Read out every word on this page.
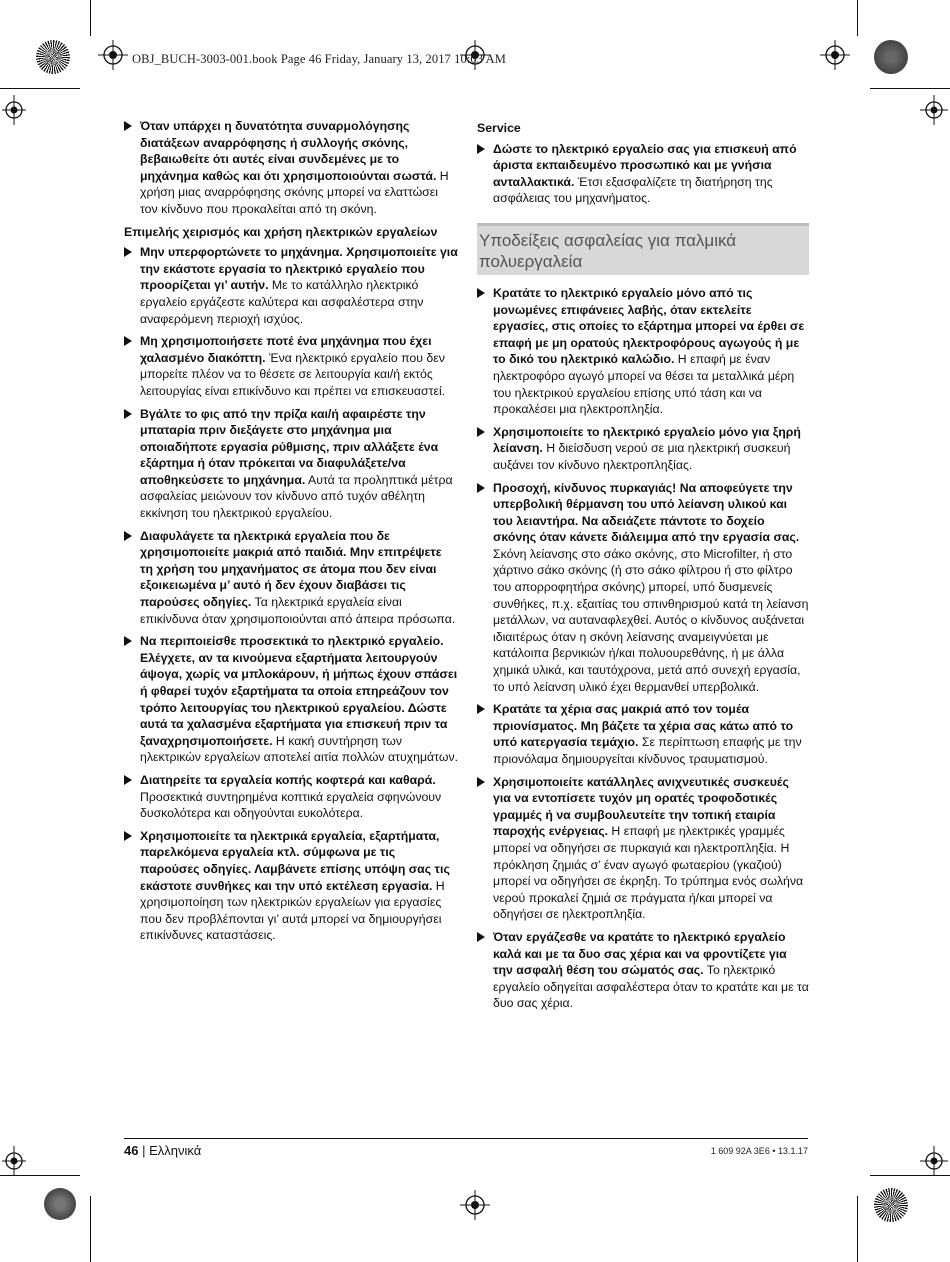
OBJ_BUCH-3003-001.book Page 46 Friday, January 13, 2017 10:03 AM
Όταν υπάρχει η δυνατότητα συναρμολόγησης διατάξεων αναρρόφησης ή συλλογής σκόνης, βεβαιωθείτε ότι αυτές είναι συνδεμένες με το μηχάνημα καθώς και ότι χρησιμοποιούνται σωστά. Η χρήση μιας αναρρόφησης σκόνης μπορεί να ελαττώσει τον κίνδυνο που προκαλείται από τη σκόνη.
Επιμελής χειρισμός και χρήση ηλεκτρικών εργαλείων
Μην υπερφορτώνετε το μηχάνημα. Χρησιμοποιείτε για την εκάστοτε εργασία το ηλεκτρικό εργαλείο που προορίζεται γι’ αυτήν. Με το κατάλληλο ηλεκτρικό εργαλείο εργάζεστε καλύτερα και ασφαλέστερα στην αναφερόμενη περιοχή ισχύος.
Μη χρησιμοποιήσετε ποτέ ένα μηχάνημα που έχει χαλασμένο διακόπτη. Ένα ηλεκτρικό εργαλείο που δεν μπορείτε πλέον να το θέσετε σε λειτουργία και/ή εκτός λειτουργίας είναι επικίνδυνο και πρέπει να επισκευαστεί.
Βγάλτε το φις από την πρίζα και/ή αφαιρέστε την μπαταρία πριν διεξάγετε στο μηχάνημα μια οποιαδήποτε εργασία ρύθμισης, πριν αλλάξετε ένα εξάρτημα ή όταν πρόκειται να διαφυλάξετε/να αποθηκεύσετε το μηχάνημα. Αυτά τα προληπτικά μέτρα ασφαλείας μειώνουν τον κίνδυνο από τυχόν αθέλητη εκκίνηση του ηλεκτρικού εργαλείου.
Διαφυλάγετε τα ηλεκτρικά εργαλεία που δε χρησιμοποιείτε μακριά από παιδιά. Μην επιτρέψετε τη χρήση του μηχανήματος σε άτομα που δεν είναι εξοικειωμένα μ’ αυτό ή δεν έχουν διαβάσει τις παρούσες οδηγίες. Τα ηλεκτρικά εργαλεία είναι επικίνδυνα όταν χρησιμοποιούνται από άπειρα πρόσωπα.
Να περιποιείσθε προσεκτικά το ηλεκτρικό εργαλείο. Ελέγχετε, αν τα κινούμενα εξαρτήματα λειτουργούν άψογα, χωρίς να μπλοκάρουν, ή μήπως έχουν σπάσει ή φθαρεί τυχόν εξαρτήματα τα οποία επηρεάζουν τον τρόπο λειτουργίας του ηλεκτρικού εργαλείου. Δώστε αυτά τα χαλασμένα εξαρτήματα για επισκευή πριν τα ξαναχρησιμοποιήσετε. Η κακή συντήρηση των ηλεκτρικών εργαλείων αποτελεί αιτία πολλών ατυχημάτων.
Διατηρείτε τα εργαλεία κοπής κοφτερά και καθαρά. Προσεκτικά συντηρημένα κοπτικά εργαλεία σφηνώνουν δυσκολότερα και οδηγούνται ευκολότερα.
Χρησιμοποιείτε τα ηλεκτρικά εργαλεία, εξαρτήματα, παρελκόμενα εργαλεία κτλ. σύμφωνα με τις παρούσες οδηγίες. Λαμβάνετε επίσης υπόψη σας τις εκάστοτε συνθήκες και την υπό εκτέλεση εργασία. Η χρησιμοποίηση των ηλεκτρικών εργαλείων για εργασίες που δεν προβλέπονται γι’ αυτά μπορεί να δημιουργήσει επικίνδυνες καταστάσεις.
Service
Δώστε το ηλεκτρικό εργαλείο σας για επισκευή από άριστα εκπαιδευμένο προσωπικό και με γνήσια ανταλλακτικά. Έτσι εξασφαλίζετε τη διατήρηση της ασφάλειας του μηχανήματος.
Υποδείξεις ασφαλείας για παλμικά πολυεργαλεία
Κρατάτε το ηλεκτρικό εργαλείο μόνο από τις μονωμένες επιφάνειες λαβής, όταν εκτελείτε εργασίες, στις οποίες το εξάρτημα μπορεί να έρθει σε επαφή με μη ορατούς ηλεκτροφόρους αγωγούς ή με το δικό του ηλεκτρικό καλώδιο. Η επαφή με έναν ηλεκτροφόρο αγωγό μπορεί να θέσει τα μεταλλικά μέρη του ηλεκτρικού εργαλείου επίσης υπό τάση και να προκαλέσει μια ηλεκτροπληξία.
Χρησιμοποιείτε το ηλεκτρικό εργαλείο μόνο για ξηρή λείανση. Η διείσδυση νερού σε μια ηλεκτρική συσκευή αυξάνει τον κίνδυνο ηλεκτροπληξίας.
Προσοχή, κίνδυνος πυρκαγιάς! Να αποφεύγετε την υπερβολική θέρμανση του υπό λείανση υλικού και του λειαντήρα. Να αδειάζετε πάντοτε το δοχείο σκόνης όταν κάνετε διάλειμμα από την εργασία σας. Σκόνη λείανσης στο σάκο σκόνης, στο Microfilter, ή στο χάρτινο σάκο σκόνης (ή στο σάκο φίλτρου ή στο φίλτρο του απορροφητήρα σκόνης) μπορεί, υπό δυσμενείς συνθήκες, π.χ. εξαιτίας του σπινθηρισμού κατά τη λείανση μετάλλων, να αυταναφλεχθεί. Αυτός ο κίνδυνος αυξάνεται ιδιαιτέρως όταν η σκόνη λείανσης αναμειγνύεται με κατάλοιπα βερνικιών ή/και πολυουρεθάνης, ή με άλλα χημικά υλικά, και ταυτόχρονα, μετά από συνεχή εργασία, το υπό λείανση υλικό έχει θερμανθεί υπερβολικά.
Κρατάτε τα χέρια σας μακριά από τον τομέα πριονίσματος. Μη βάζετε τα χέρια σας κάτω από το υπό κατεργασία τεμάχιο. Σε περίπτωση επαφής με την πριονόλαμα δημιουργείται κίνδυνος τραυματισμού.
Χρησιμοποιείτε κατάλληλες ανιχνευτικές συσκευές για να εντοπίσετε τυχόν μη ορατές τροφοδοτικές γραμμές ή να συμβουλευτείτε την τοπική εταιρία παροχής ενέργειας. Η επαφή με ηλεκτρικές γραμμές μπορεί να οδηγήσει σε πυρκαγιά και ηλεκτροπληξία. Η πρόκληση ζημιάς σ’ έναν αγωγό φωταερίου (γκαζιού) μπορεί να οδηγήσει σε έκρηξη. Το τρύπημα ενός σωλήνα νερού προκαλεί ζημιά σε πράγματα ή/και μπορεί να οδηγήσει σε ηλεκτροπληξία.
Όταν εργάζεσθε να κρατάτε το ηλεκτρικό εργαλείο καλά και με τα δυο σας χέρια και να φροντίζετε για την ασφαλή θέση του σώματός σας. Το ηλεκτρικό εργαλείο οδηγείται ασφαλέστερα όταν το κρατάτε και με τα δυο σας χέρια.
46 | Ελληνικά	1 609 92A 3E6 • 13.1.17
